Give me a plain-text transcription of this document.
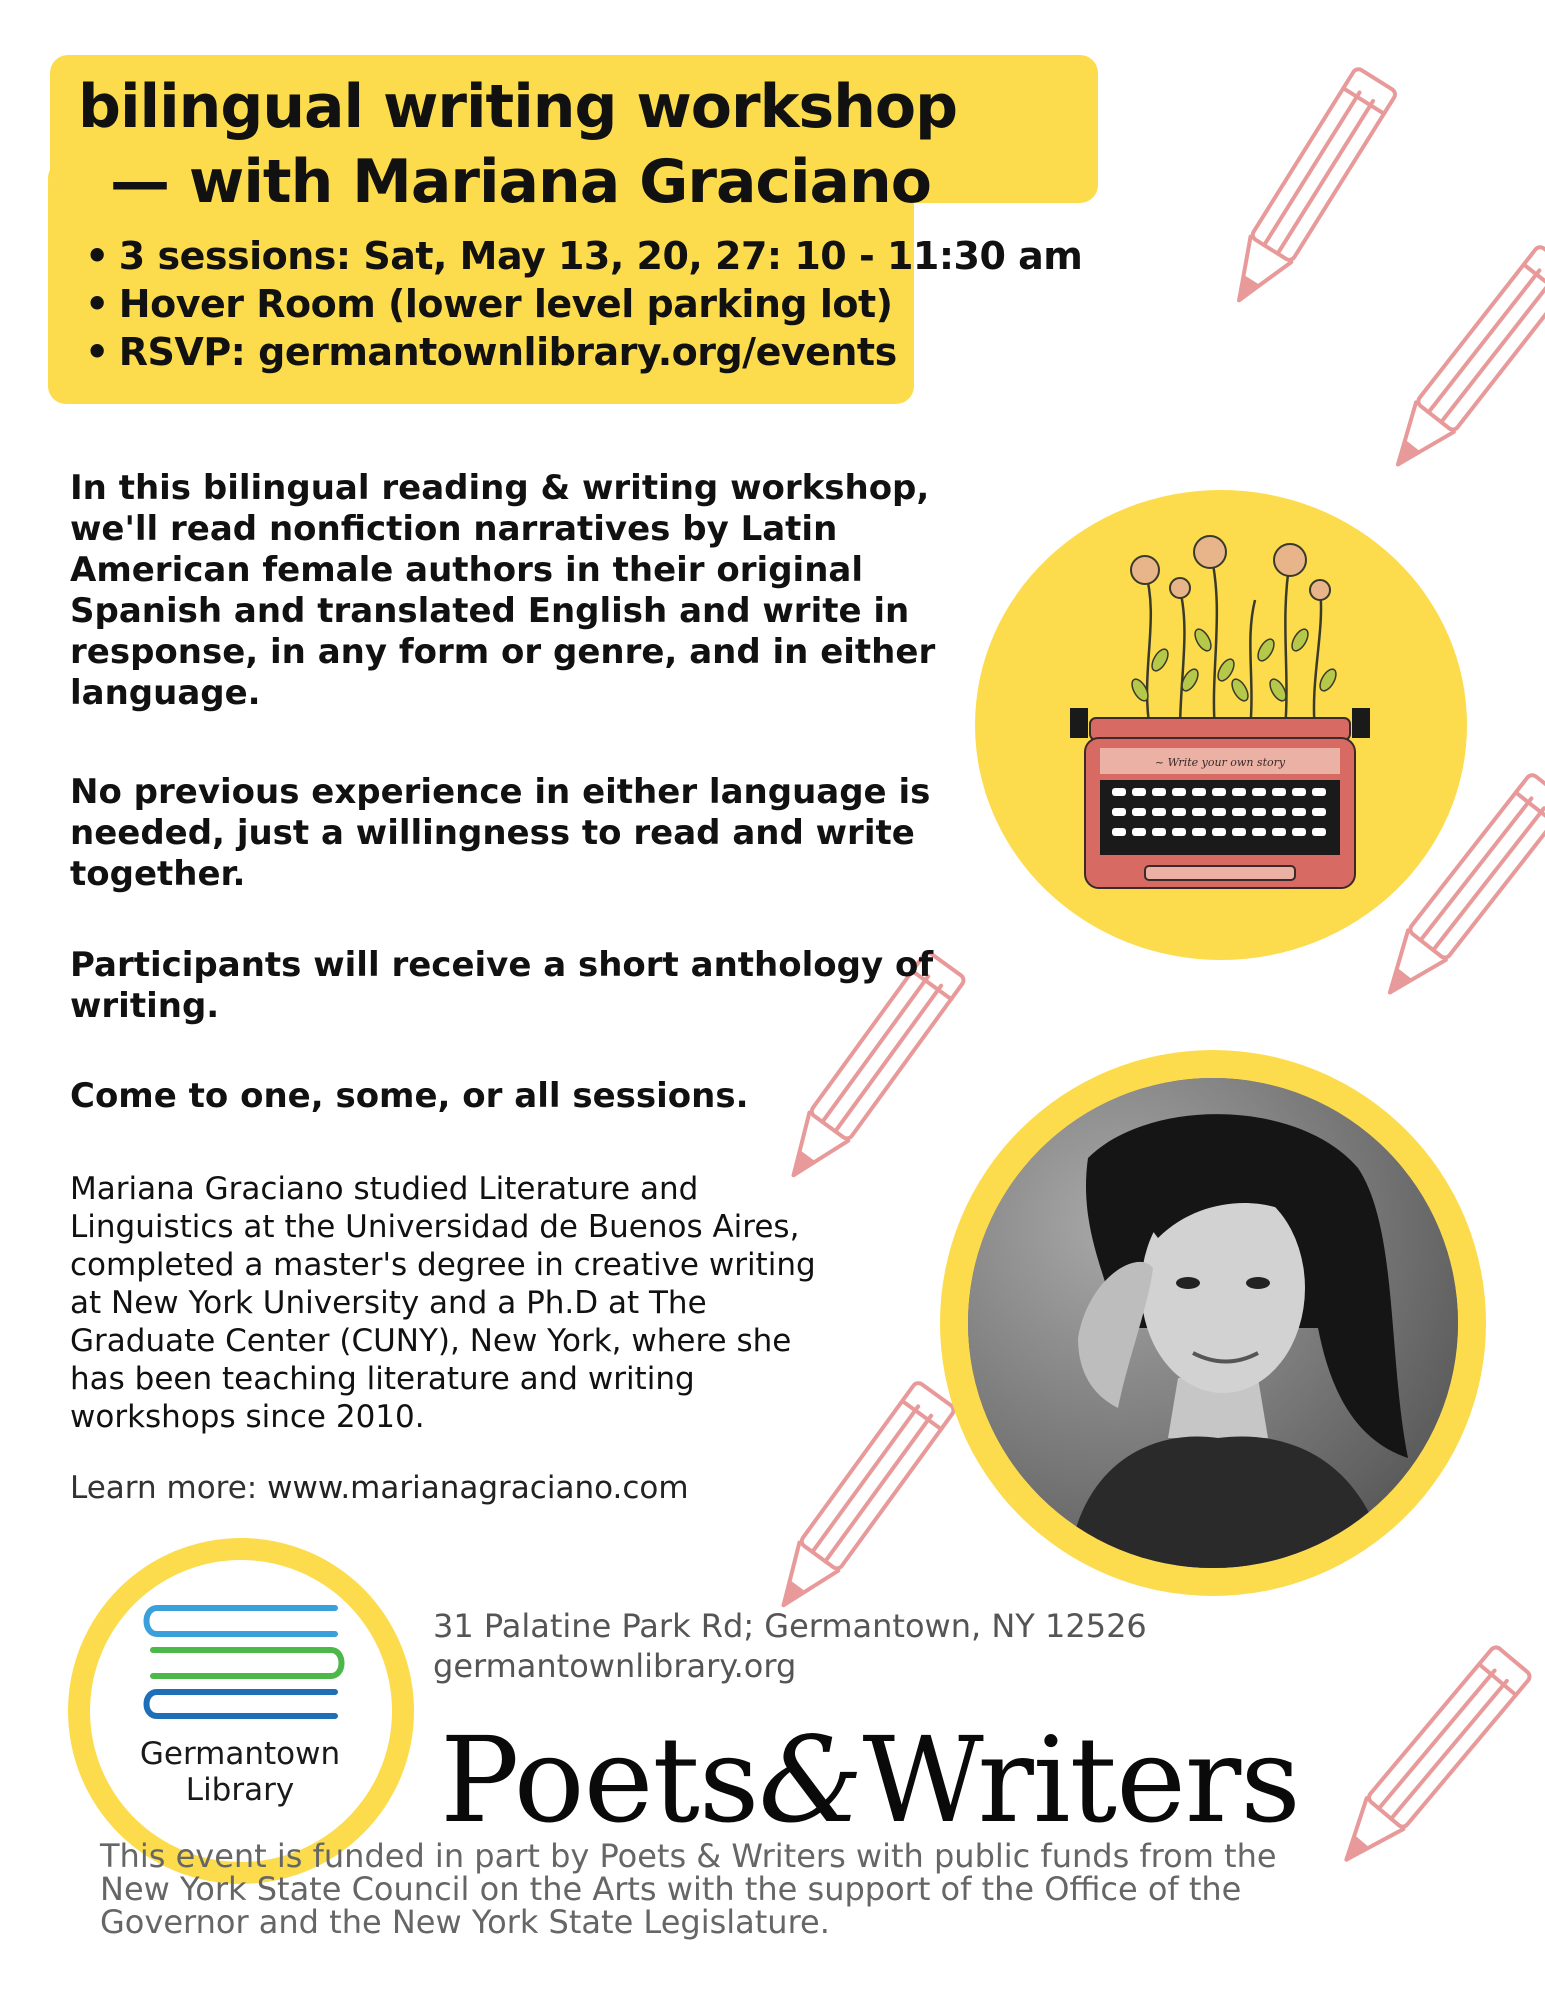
bilingual writing workshop
— with Mariana Graciano
• 3 sessions: Sat, May 13, 20, 27: 10 - 11:30 am
• Hover Room (lower level parking lot)
• RSVP: germantownlibrary.org/events

In this bilingual reading & writing workshop,
we'll read nonfiction narratives by Latin
American female authors in their original
Spanish and translated English and write in
response, in any form or genre, and in either
language.

No previous experience in either language is
needed, just a willingness to read and write
together.

Participants will receive a short anthology of
writing.

Come to one, some, or all sessions.

Mariana Graciano studied Literature and
Linguistics at the Universidad de Buenos Aires,
completed a master's degree in creative writing
at New York University and a Ph.D at The
Graduate Center (CUNY), New York, where she
has been teaching literature and writing
workshops since 2010.

Learn more: www.marianagraciano.com
~ Write your own story
Germantown
Library
31 Palatine Park Rd; Germantown, NY 12526
germantownlibrary.org
Poets&Writers
This event is funded in part by Poets & Writers with public funds from the
New York State Council on the Arts with the support of the Office of the
Governor and the New York State Legislature.
